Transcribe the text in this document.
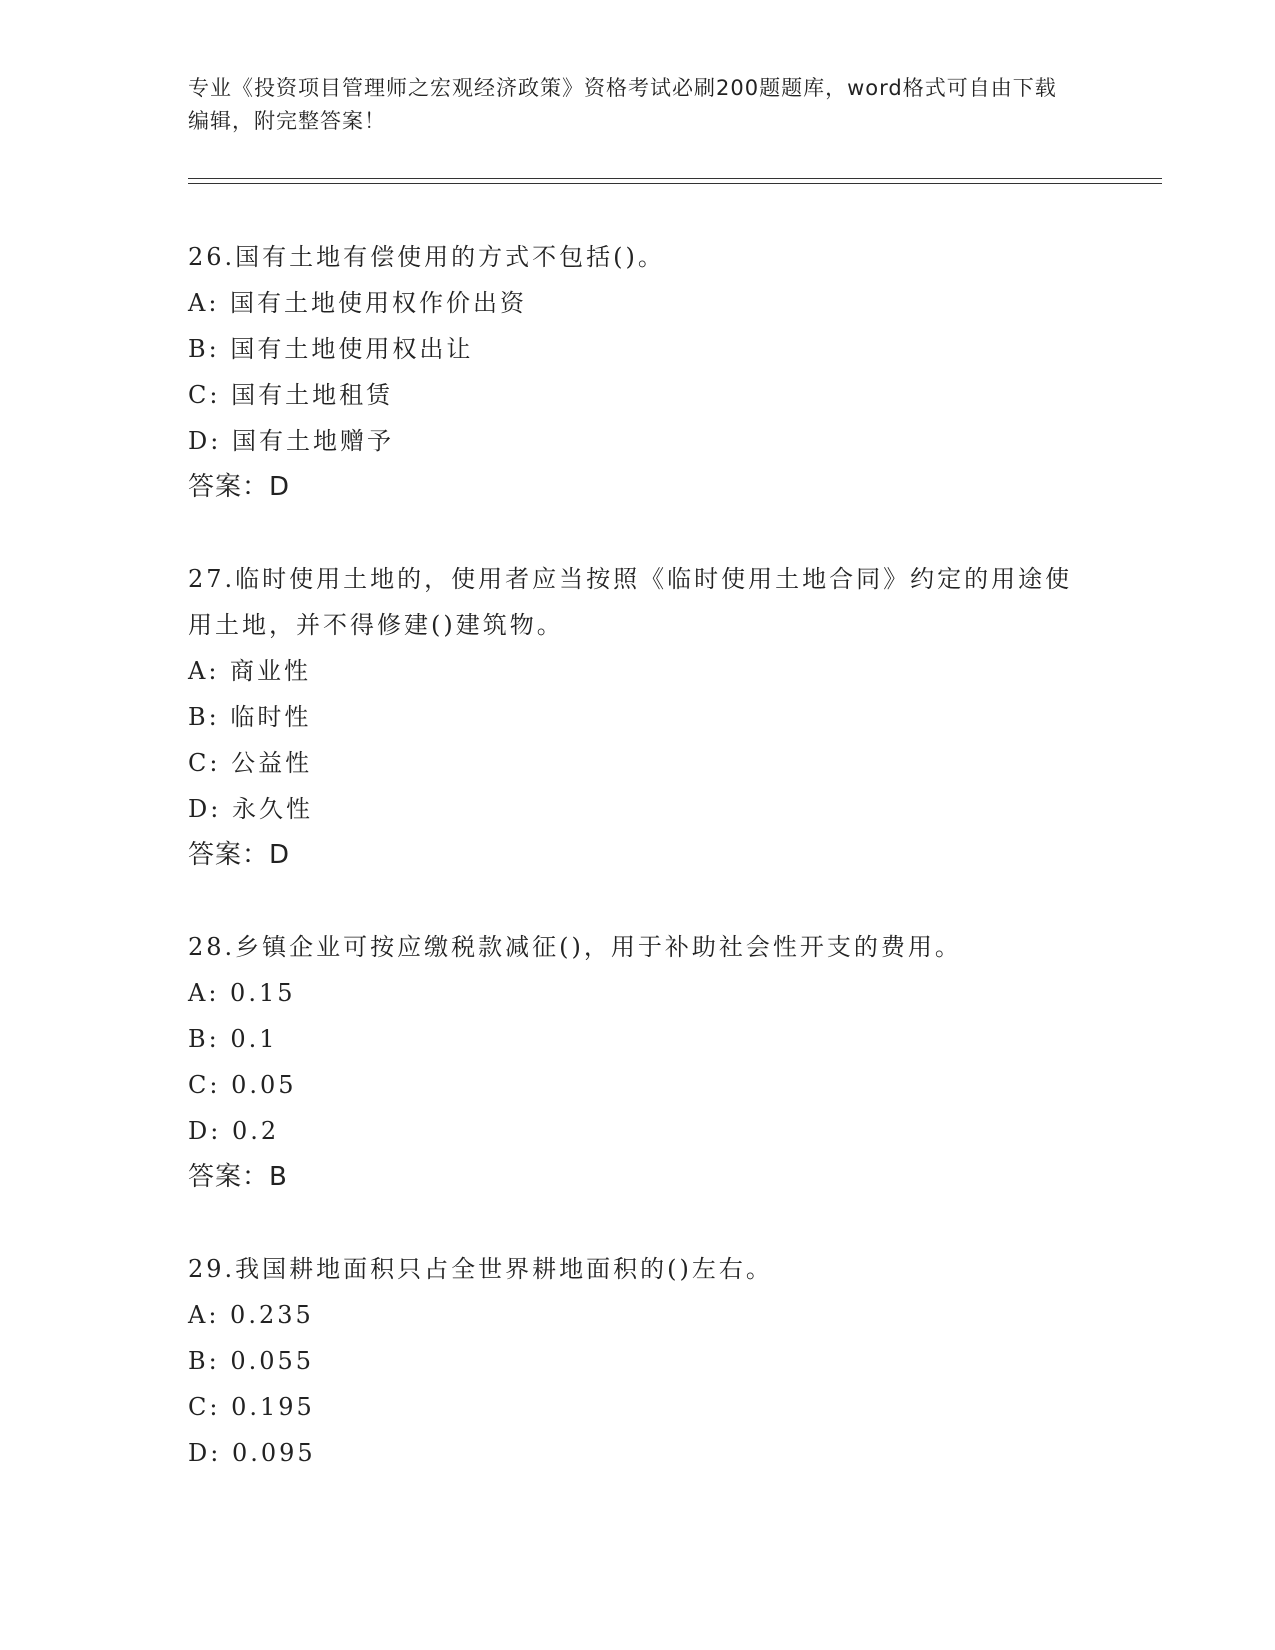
专业《投资项目管理师之宏观经济政策》资格考试必刷200题题库，word格式可自由下载编辑，附完整答案！

26.国有土地有偿使用的方式不包括()。

A: 国有土地使用权作价出资

B: 国有土地使用权出让

C: 国有土地租赁

D: 国有土地赠予

答案：D

27.临时使用土地的，使用者应当按照《临时使用土地合同》约定的用途使用土地，并不得修建()建筑物。

A: 商业性

B: 临时性

C: 公益性

D: 永久性

答案：D

28.乡镇企业可按应缴税款减征()，用于补助社会性开支的费用。

A: 0.15

B: 0.1

C: 0.05

D: 0.2

答案：B

29.我国耕地面积只占全世界耕地面积的()左右。

A: 0.235

B: 0.055

C: 0.195

D: 0.095
